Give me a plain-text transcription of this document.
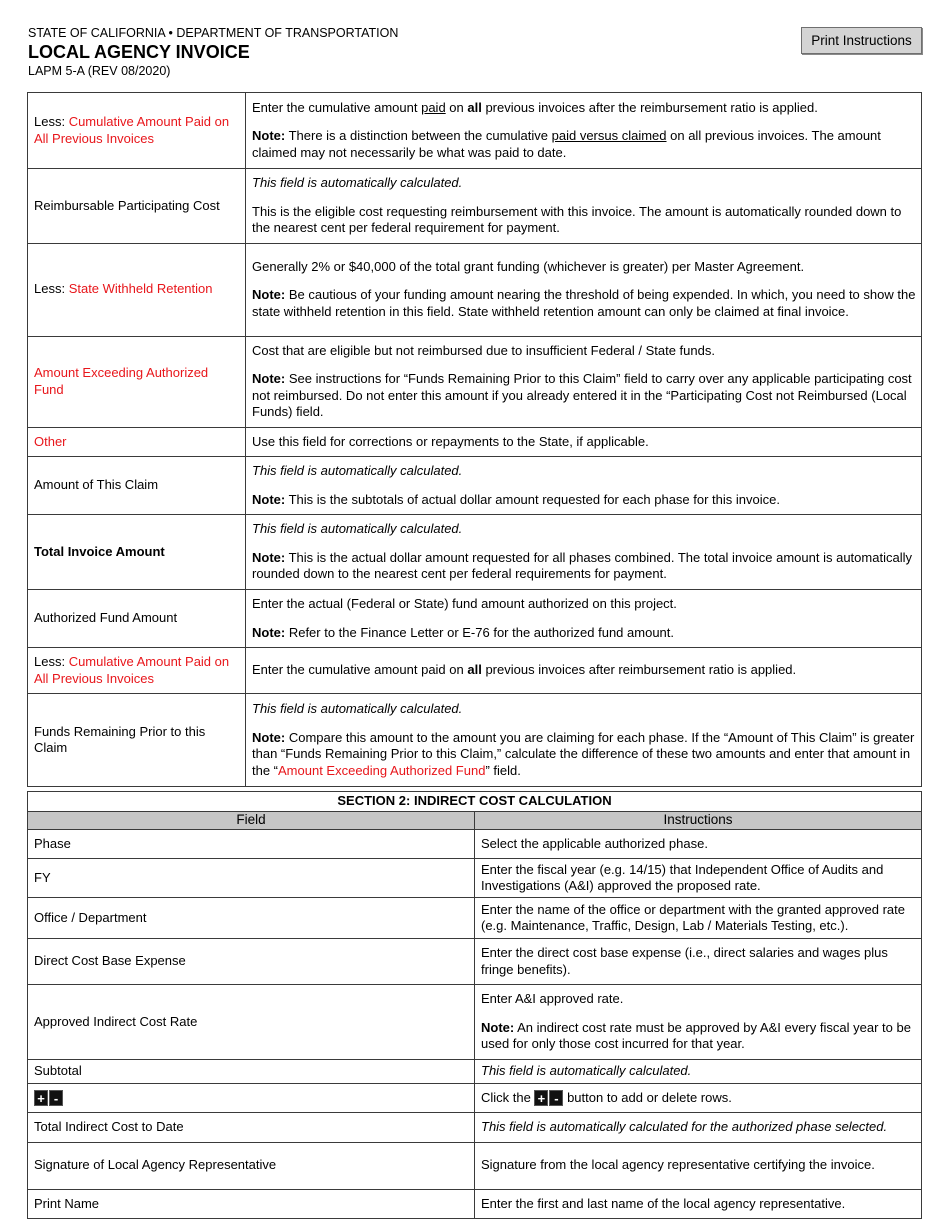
STATE OF CALIFORNIA • DEPARTMENT OF TRANSPORTATION
LOCAL AGENCY INVOICE
LAPM 5-A (REV 08/2020)
Print Instructions
Less: Cumulative Amount Paid on All Previous Invoices	Enter the cumulative amount paid on all previous invoices after the reimbursement ratio is applied.

Note: There is a distinction between the cumulative paid versus claimed on all previous invoices. The amount claimed may not necessarily be what was paid to date.

Reimbursable Participating Cost	This field is automatically calculated.

This is the eligible cost requesting reimbursement with this invoice. The amount is automatically rounded down to the nearest cent per federal requirement for payment.

Less: State Withheld Retention	Generally 2% or $40,000 of the total grant funding (whichever is greater) per Master Agreement.

Note: Be cautious of your funding amount nearing the threshold of being expended. In which, you need to show the state withheld retention in this field. State withheld retention amount can only be claimed at final invoice.

Amount Exceeding Authorized Fund	Cost that are eligible but not reimbursed due to insufficient Federal / State funds.

Note: See instructions for “Funds Remaining Prior to this Claim” field to carry over any applicable participating cost not reimbursed. Do not enter this amount if you already entered it in the “Participating Cost not Reimbursed (Local Funds) field.

Other	Use this field for corrections or repayments to the State, if applicable.

Amount of This Claim	This field is automatically calculated.

Note: This is the subtotals of actual dollar amount requested for each phase for this invoice.

Total Invoice Amount	This field is automatically calculated.

Note: This is the actual dollar amount requested for all phases combined. The total invoice amount is automatically rounded down to the nearest cent per federal requirements for payment.

Authorized Fund Amount	Enter the actual (Federal or State) fund amount authorized on this project.

Note: Refer to the Finance Letter or E-76 for the authorized fund amount.

Less: Cumulative Amount Paid on All Previous Invoices	Enter the cumulative amount paid on all previous invoices after reimbursement ratio is applied.

Funds Remaining Prior to this Claim	This field is automatically calculated.

Note: Compare this amount to the amount you are claiming for each phase. If the “Amount of This Claim” is greater than “Funds Remaining Prior to this Claim,” calculate the difference of these two amounts and enter that amount in the “Amount Exceeding Authorized Fund” field.

SECTION 2: INDIRECT COST CALCULATION	
Field	Instructions
Phase	Select the applicable authorized phase.

FY	Enter the fiscal year (e.g. 14/15) that Independent Office of Audits and Investigations (A&I) approved the proposed rate.

Office / Department	Enter the name of the office or department with the granted approved rate (e.g. Maintenance, Traffic, Design, Lab / Materials Testing, etc.).

Direct Cost Base Expense	Enter the direct cost base expense (i.e., direct salaries and wages plus fringe benefits).

Approved Indirect Cost Rate	Enter A&I approved rate.

Note: An indirect cost rate must be approved by A&I every fiscal year to be used for only those cost incurred for that year.

Subtotal	This field is automatically calculated.

+ -	Click the + - button to add or delete rows.

Total Indirect Cost to Date	This field is automatically calculated for the authorized phase selected.

Signature of Local Agency Representative	Signature from the local agency representative certifying the invoice.

Print Name	Enter the first and last name of the local agency representative.
